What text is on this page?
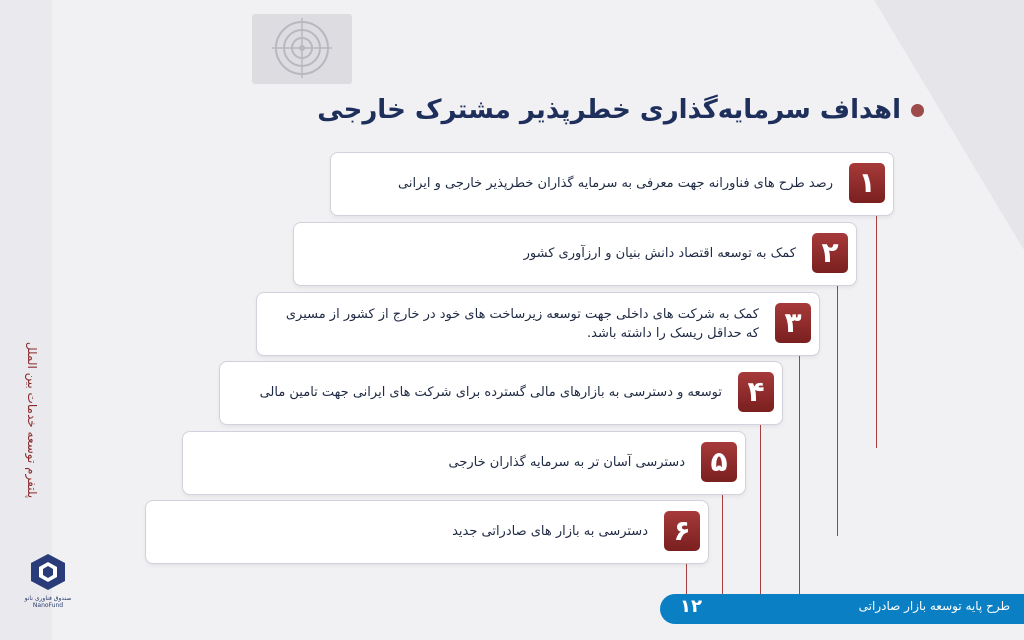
پلتفرم توسعه خدمات بین الملل
صندوق فناوری نانو
NanoFund
اهداف سرمایه‌گذاری خطرپذیر مشترک خارجی
۱
رصد طرح های فناورانه جهت معرفی به سرمایه گذاران خطرپذیر خارجی و ایرانی
۲
کمک به توسعه اقتصاد دانش بنیان و ارزآوری کشور
۳
کمک به شرکت های داخلی جهت توسعه زیرساخت های خود در خارج از کشور از مسیری که حداقل ریسک را داشته باشد.
۴
توسعه و دسترسی به بازارهای مالی گسترده برای شرکت های ایرانی جهت تامین مالی
۵
دسترسی آسان تر به سرمایه گذاران خارجی
۶
دسترسی به بازار های صادراتی جدید
۱۲	طرح پایه توسعه بازار صادراتی
